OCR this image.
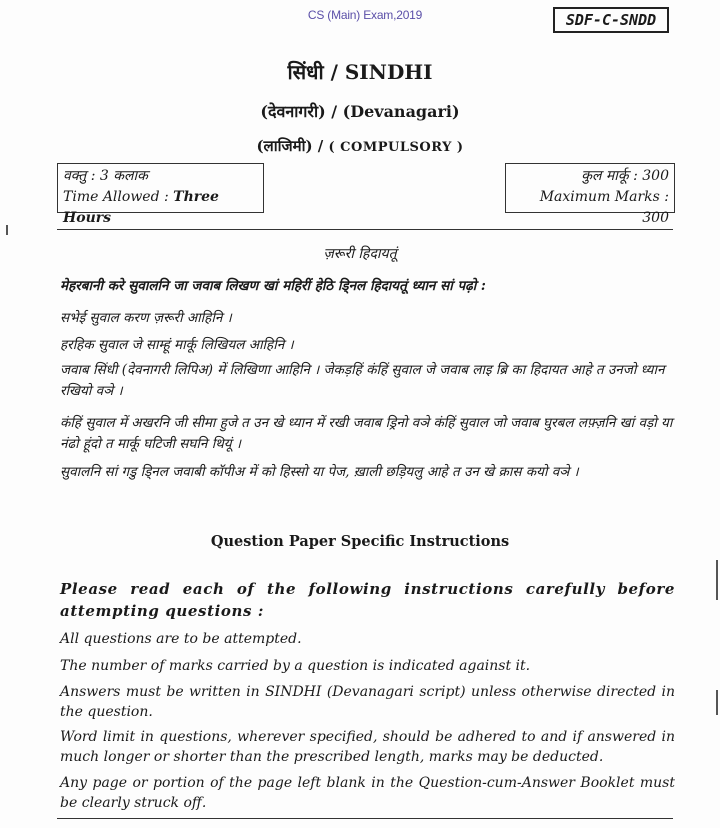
CS (Main) Exam,2019	SDF-C-SNDD
सिंधी / SINDHI
(देवनागरी) / (Devanagari)
(लाजिमी) / ( COMPULSORY )
वक्तु : 3 कलाक
Time Allowed : Three Hours
कुल मार्कू : 300
Maximum Marks : 300
ज़रूरी हिदायतूं
मेहरबानी करे सुवालनि जा जवाब लिखण खां महिरीं हेठि डि्नल हिदायतूं ध्यान सां पढ़ो :
सभेई सुवाल करण ज़रूरी आहिनि ।
हरहिक सुवाल जे साम्हूं मार्कू लिखियल आहिनि ।
जवाब सिंधी (देवनागरी लिपिअ) में लिखिणा आहिनि । जेकड़हिं कंहिं सुवाल जे जवाब लाइ ब्रि का हिदायत आहे त उनजो ध्यान रखियो वञे ।
कंहिं सुवाल में अखरनि जी सीमा हुजे त उन खे ध्यान में रखी जवाब ड्रिनो वञे कंहिं सुवाल जो जवाब घुरबल लफ़्ज़नि खां वड़ो या नंढो हूंदो त मार्कू घटिजी सघनि थियूं ।
सुवालनि सां गडु डि्नल जवाबी कॉपीअ में को हिस्सो या पेज, ख़ाली छड़ियलु आहे त उन खे क्रास कयो वञे ।
Question Paper Specific Instructions
Please read each of the following instructions carefully before attempting questions :
All questions are to be attempted.
The number of marks carried by a question is indicated against it.
Answers must be written in SINDHI (Devanagari script) unless otherwise directed in the question.
Word limit in questions, wherever specified, should be adhered to and if answered in much longer or shorter than the prescribed length, marks may be deducted.
Any page or portion of the page left blank in the Question-cum-Answer Booklet must be clearly struck off.
